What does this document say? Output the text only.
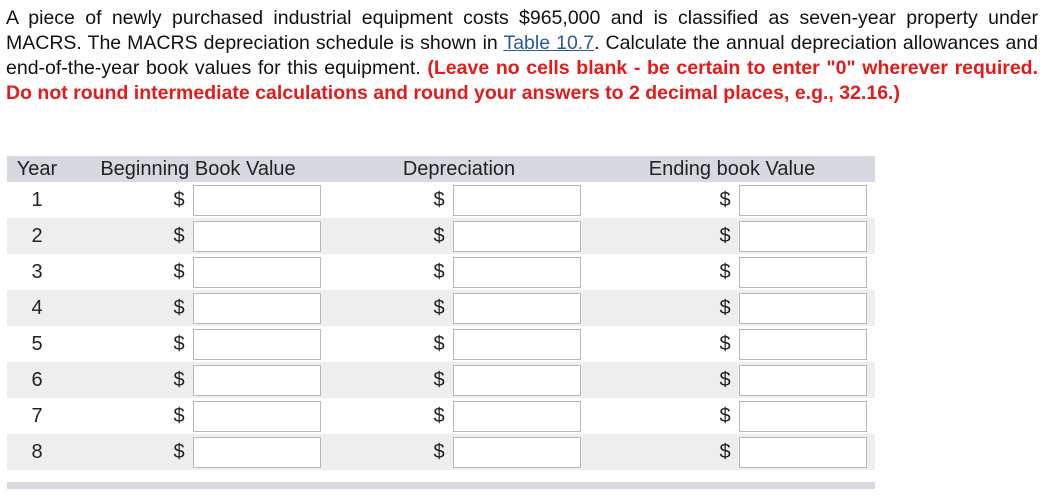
A piece of newly purchased industrial equipment costs $965,000 and is classified as seven-year property under MACRS. The MACRS depreciation schedule is shown in Table 10.7. Calculate the annual depreciation allowances and end-of-the-year book values for this equipment. (Leave no cells blank - be certain to enter "0" wherever required. Do not round intermediate calculations and round your answers to 2 decimal places, e.g., 32.16.)
Year	Beginning Book Value	Depreciation	Ending book Value
1	$	$	$

2	$	$	$

3	$	$	$

4	$	$	$

5	$	$	$

6	$	$	$

7	$	$	$

8	$	$	$
